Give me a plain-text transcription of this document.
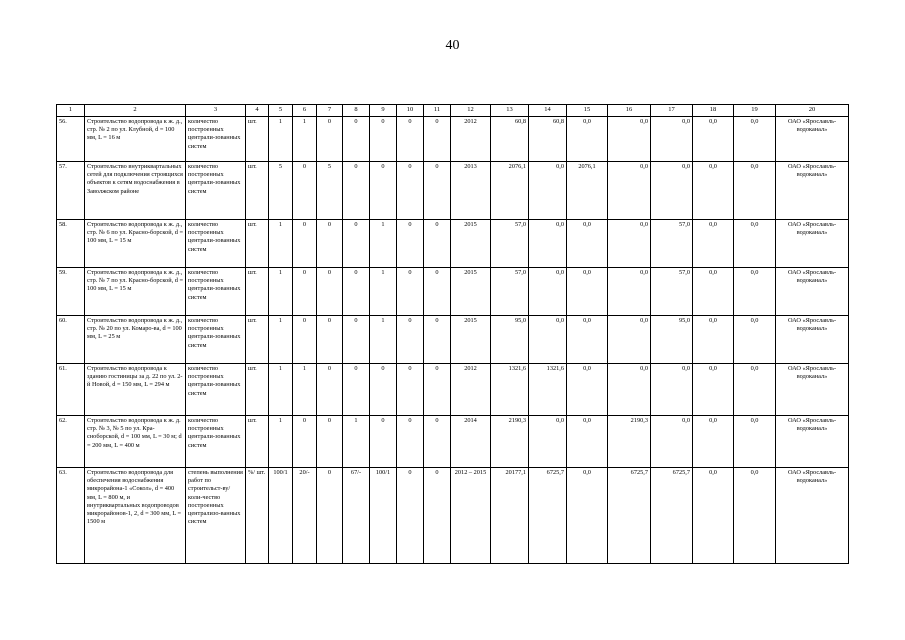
40
1	2	3	4	5	6	7	8	9	10	11	12	13	14	15	16	17	18	19	20
56.	Строительство водопровода к ж. д., стр. № 2 по ул. Клубной, d = 100 мм, L = 16 м	количество построенных централи-зованных систем	шт.	1	1	0	0	0	0	0	2012	60,8	60,8	0,0	0,0	0,0	0,0	0,0	ОАО «Ярославль-водоканал»
57.	Строительство внутриквартальных сетей для подключения строящихся объектов к сетям водоснабжения в Заволжском районе	количество построенных централи-зованных систем	шт.	5	0	5	0	0	0	0	2013	2076,1	0,0	2076,1	0,0	0,0	0,0	0,0	ОАО «Ярославль-водоканал»
58.	Строительство водопровода к ж. д., стр. № 6 по ул. Красно-борской, d = 100 мм, L = 15 м	количество построенных централи-зованных систем	шт.	1	0	0	0	1	0	0	2015	57,0	0,0	0,0	0,0	57,0	0,0	0,0	ОАО «Ярославль-водоканал»
59.	Строительство водопровода к ж. д., стр. № 7 по ул. Красно-борской, d = 100 мм, L = 15 м	количество построенных централи-зованных систем	шт.	1	0	0	0	1	0	0	2015	57,0	0,0	0,0	0,0	57,0	0,0	0,0	ОАО «Ярославль-водоканал»
60.	Строительство водопровода к ж. д., стр. № 20 по ул. Комаро-ва, d = 100 мм, L = 25 м	количество построенных централи-зованных систем	шт.	1	0	0	0	1	0	0	2015	95,0	0,0	0,0	0,0	95,0	0,0	0,0	ОАО «Ярославль-водоканал»
61.	Строительство водопровода к зданию гостиницы за д. 22 по ул. 2-й Новой, d = 150 мм, L = 294 м	количество построенных централи-зованных систем	шт.	1	1	0	0	0	0	0	2012	1321,6	1321,6	0,0	0,0	0,0	0,0	0,0	ОАО «Ярославль-водоканал»
62.	Строительство водопровода к ж. д. стр. № 3, № 5 по ул. Кра-сноборской, d = 100 мм, L = 30 м; d = 200 мм, L = 400 м	количество построенных централи-зованных систем	шт.	1	0	0	1	0	0	0	2014	2190,3	0,0	0,0	2190,3	0,0	0,0	0,0	ОАО «Ярославль-водоканал»
63.	Строительство водопровода для обеспечения водоснабжения микрорайона-1 «Сокол», d = 400 мм, L = 800 м, и внутриквартальных водопроводов микрорайонов-1, 2, d = 300 мм, L = 1500 м	степень выполнения работ по строительст-ву/ коли-чество построенных централизо-ванных систем	%/ шт.	100/1	20/-	0	67/-	100/1	0	0	2012 – 2015	20177,1	6725,7	0,0	6725,7	6725,7	0,0	0,0	ОАО «Ярославль-водоканал»
